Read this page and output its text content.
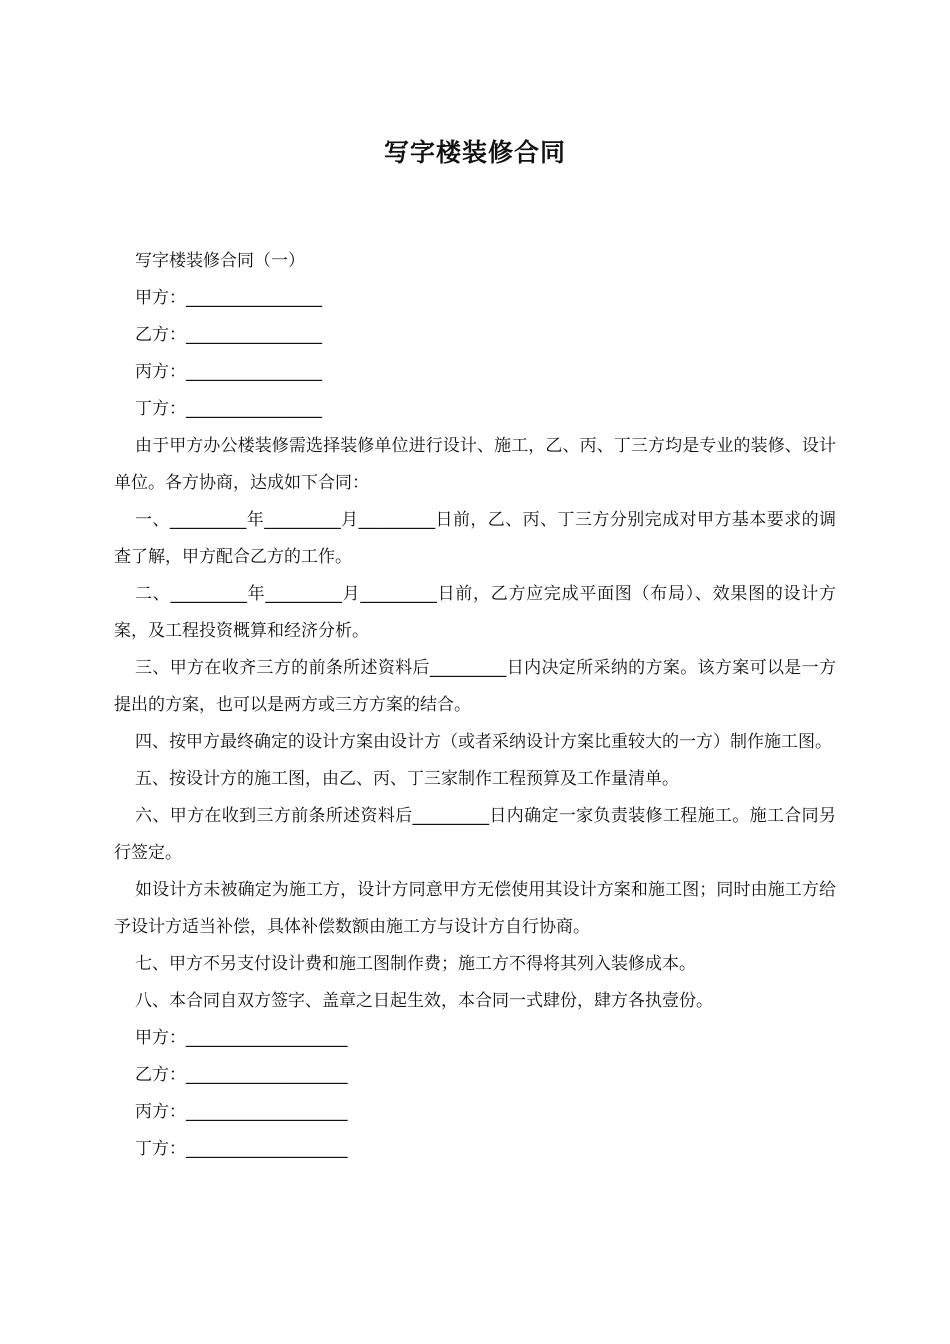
写字楼装修合同

写字楼装修合同（一）

甲方：________________

乙方：________________

丙方：________________

丁方：________________

由于甲方办公楼装修需选择装修单位进行设计、施工，乙、丙、丁三方均是专业的装修、设计单位。各方协商，达成如下合同：

一、_________年_________月_________日前，乙、丙、丁三方分别完成对甲方基本要求的调查了解，甲方配合乙方的工作。

二、_________年_________月_________日前，乙方应完成平面图（布局）、效果图的设计方案，及工程投资概算和经济分析。

三、甲方在收齐三方的前条所述资料后_________日内决定所采纳的方案。该方案可以是一方提出的方案，也可以是两方或三方方案的结合。

四、按甲方最终确定的设计方案由设计方（或者采纳设计方案比重较大的一方）制作施工图。

五、按设计方的施工图，由乙、丙、丁三家制作工程预算及工作量清单。

六、甲方在收到三方前条所述资料后_________日内确定一家负责装修工程施工。施工合同另行签定。

如设计方未被确定为施工方，设计方同意甲方无偿使用其设计方案和施工图；同时由施工方给予设计方适当补偿，具体补偿数额由施工方与设计方自行协商。

七、甲方不另支付设计费和施工图制作费；施工方不得将其列入装修成本。

八、本合同自双方签字、盖章之日起生效，本合同一式肆份，肆方各执壹份。

甲方：___________________

乙方：___________________

丙方：___________________

丁方：___________________
